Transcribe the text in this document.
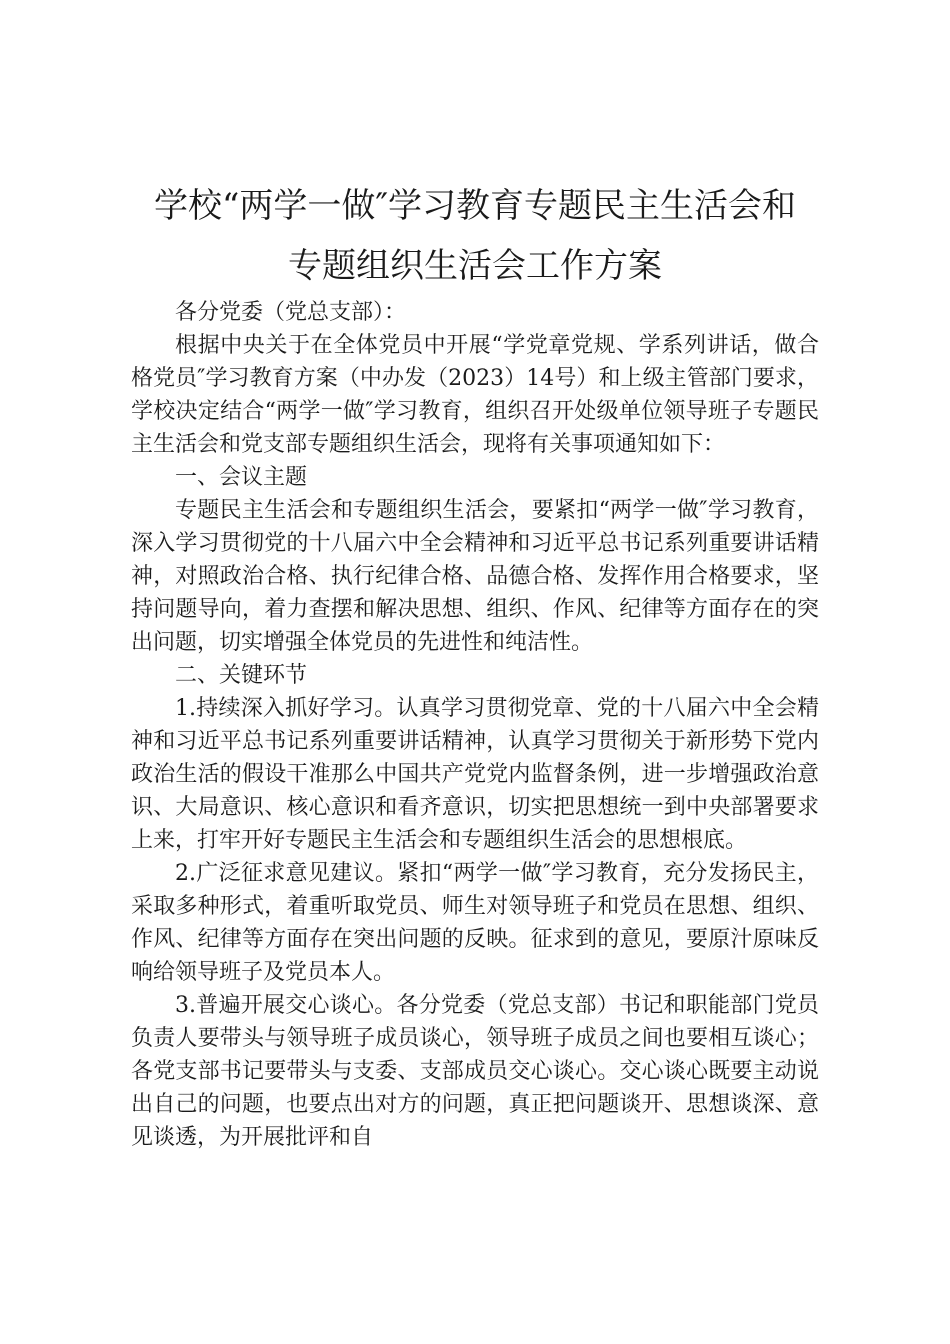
学校“两学一做″学习教育专题民主生活会和
专题组织生活会工作方案

各分党委（党总支部）：

根据中央关于在全体党员中开展“学党章党规、学系列讲话，做合格党员″学习教育方案（中办发（2023）14号）和上级主管部门要求，学校决定结合“两学一做″学习教育，组织召开处级单位领导班子专题民主生活会和党支部专题组织生活会，现将有关事项通知如下：

一、会议主题

专题民主生活会和专题组织生活会，要紧扣“两学一做″学习教育，深入学习贯彻党的十八届六中全会精神和习近平总书记系列重要讲话精神，对照政治合格、执行纪律合格、品德合格、发挥作用合格要求，坚持问题导向，着力查摆和解决思想、组织、作风、纪律等方面存在的突出问题，切实增强全体党员的先进性和纯洁性。

二、关键环节

1.持续深入抓好学习。认真学习贯彻党章、党的十八届六中全会精神和习近平总书记系列重要讲话精神，认真学习贯彻关于新形势下党内政治生活的假设干准那么中国共产党党内监督条例，进一步增强政治意识、大局意识、核心意识和看齐意识，切实把思想统一到中央部署要求上来，打牢开好专题民主生活会和专题组织生活会的思想根底。

2.广泛征求意见建议。紧扣“两学一做″学习教育，充分发扬民主，采取多种形式，着重听取党员、师生对领导班子和党员在思想、组织、作风、纪律等方面存在突出问题的反映。征求到的意见，要原汁原味反响给领导班子及党员本人。

3.普遍开展交心谈心。各分党委（党总支部）书记和职能部门党员负责人要带头与领导班子成员谈心，领导班子成员之间也要相互谈心；各党支部书记要带头与支委、支部成员交心谈心。交心谈心既要主动说出自己的问题，也要点出对方的问题，真正把问题谈开、思想谈深、意见谈透，为开展批评和自
